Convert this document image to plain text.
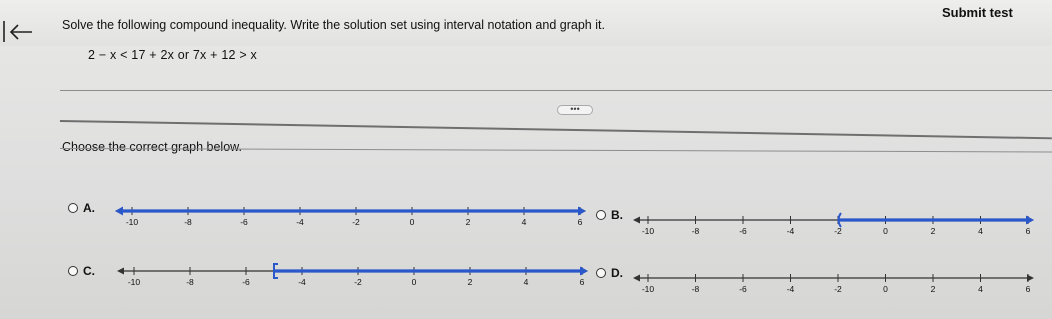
Submit test
Solve the following compound inequality. Write the solution set using interval notation and graph it.
2 − x < 17 + 2x or 7x + 12 > x
•••
Choose the correct graph below.
A.
-10	-8	-6	-4	-2	0	2	4	6 B.
-10	-8	-6	-4	-2	0	2	4	6
C.
-10	-8	-6	-4	-2	0	2	4	6
D.
-10	-8	-6	-4	-2	0	2	4	6
